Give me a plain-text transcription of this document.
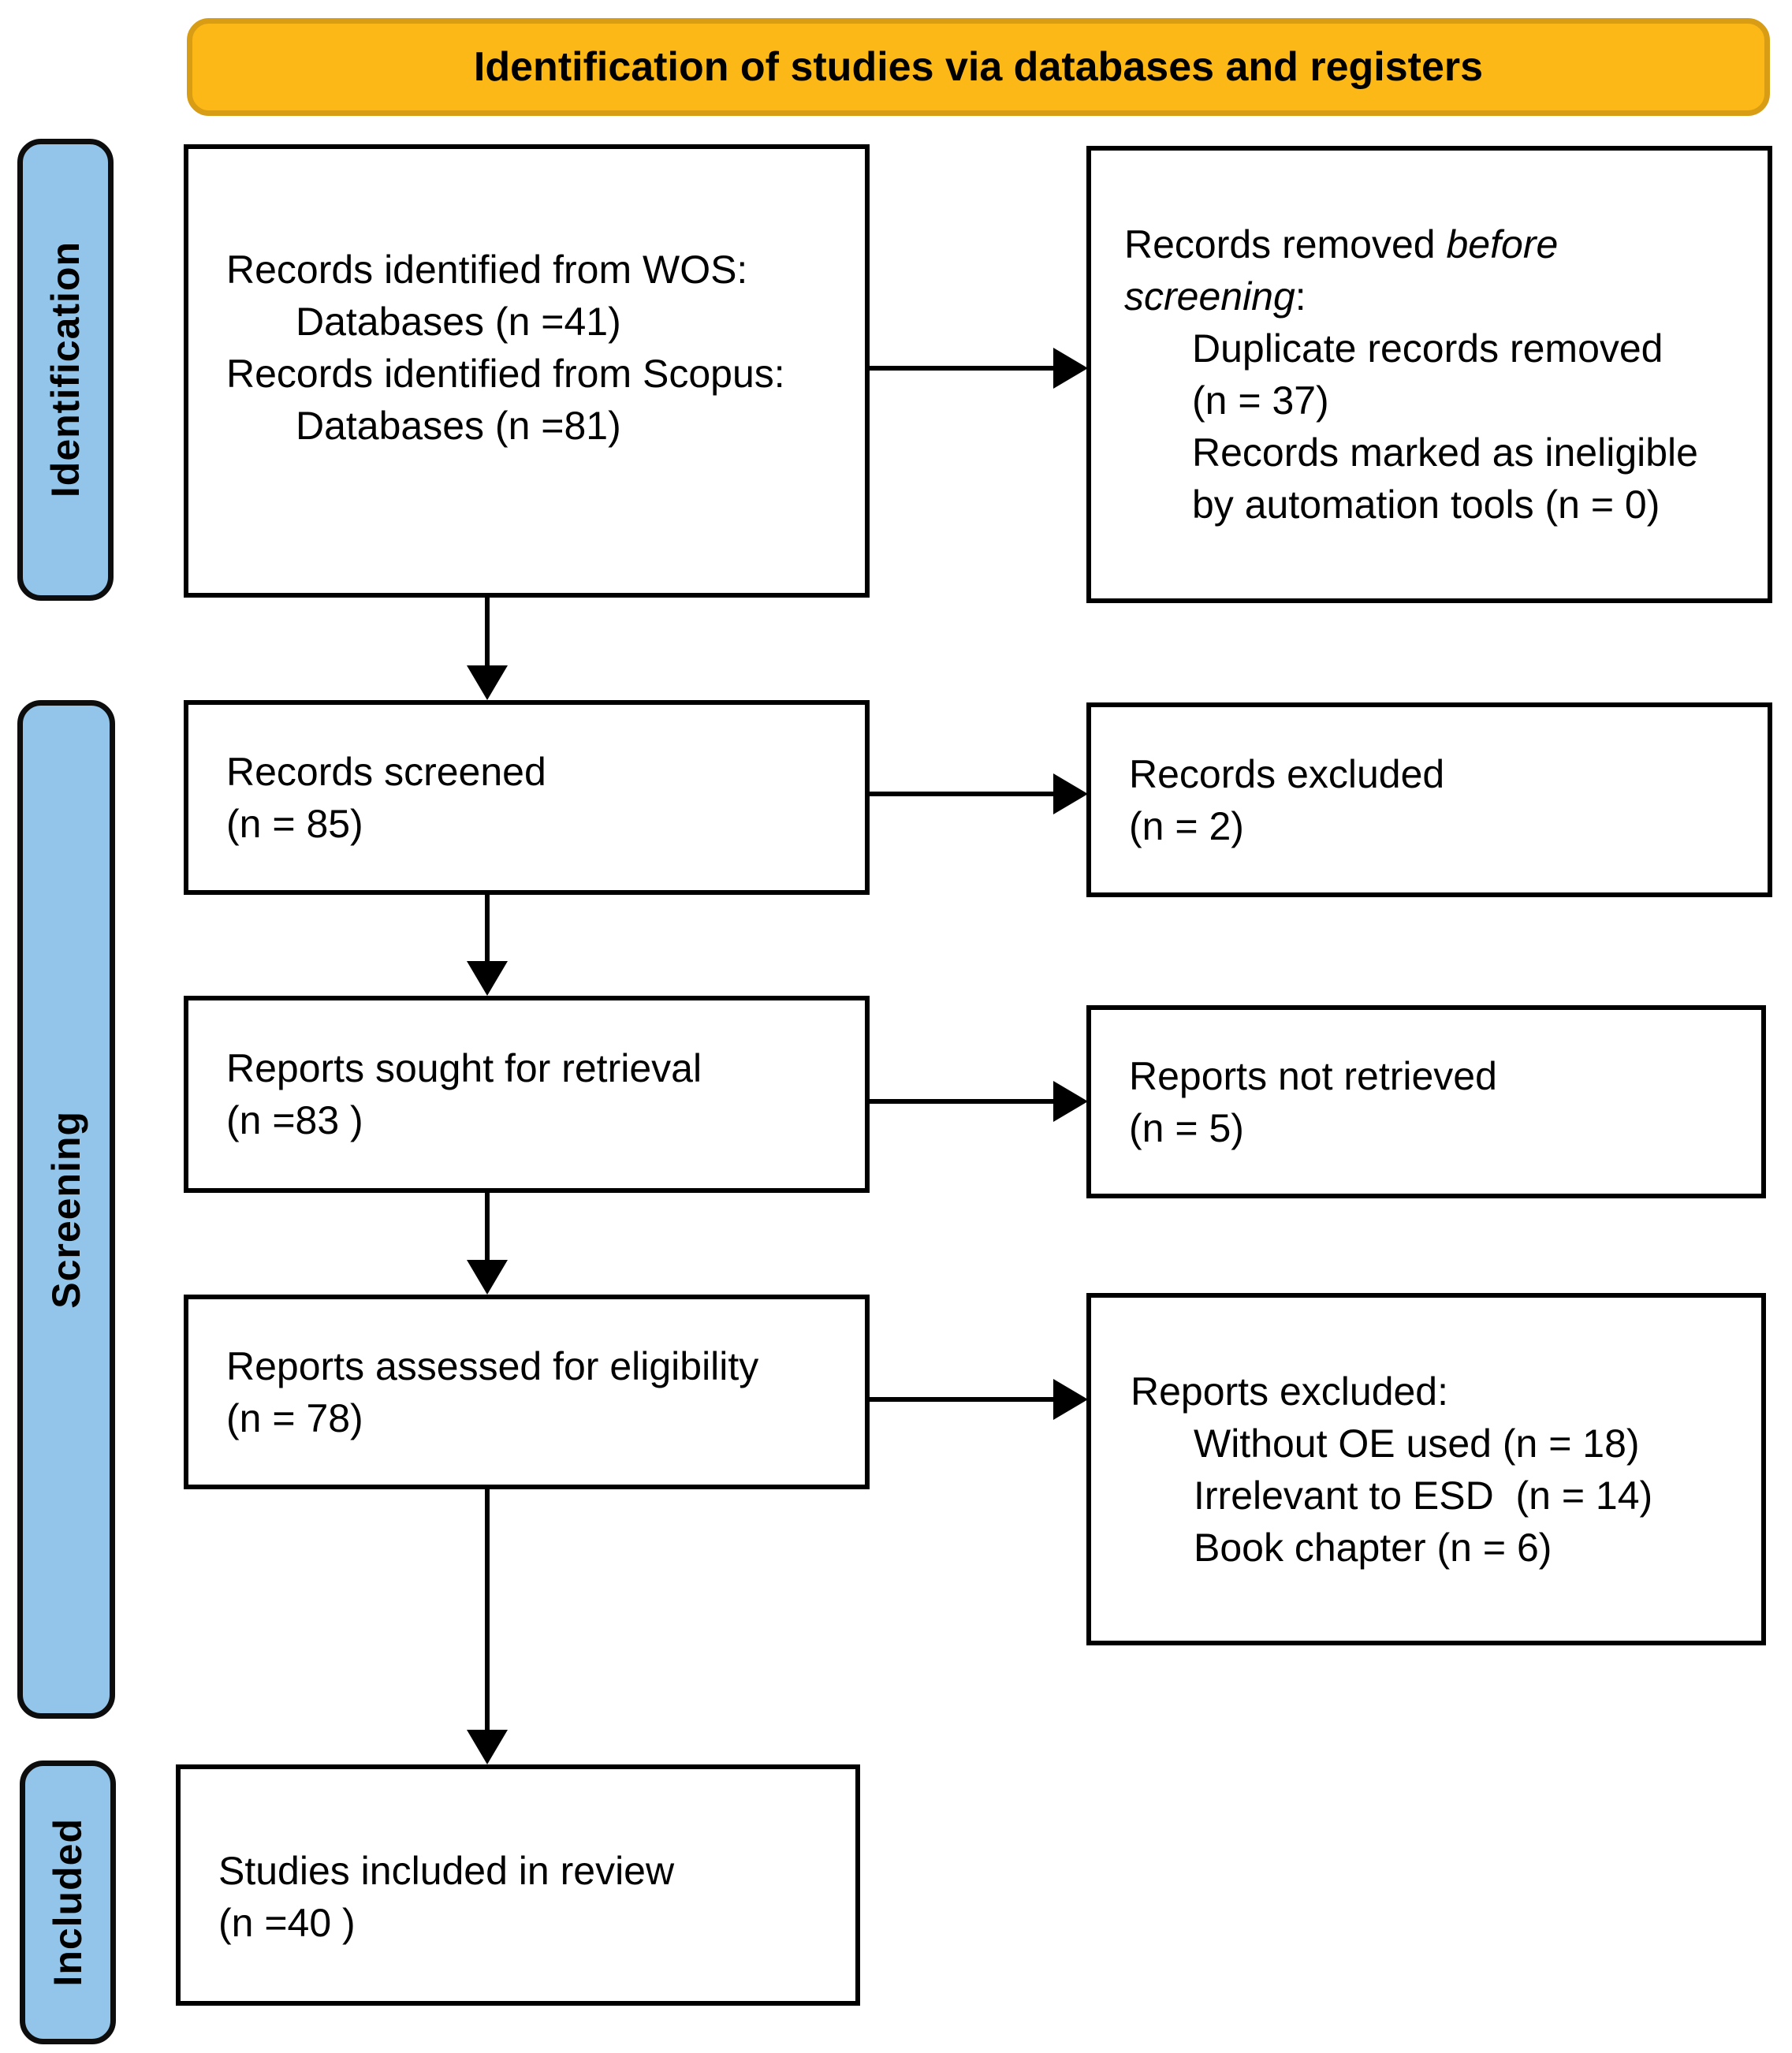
Identification of studies via databases and registers
Identification
Screening
Included
Records identified from WOS:
Databases (n =41)
Records identified from Scopus:
Databases (n =81)
Records removed before
screening:
Duplicate records removed
(n = 37)
Records marked as ineligible
by automation tools (n = 0)
Records screened
(n = 85)
Records excluded
(n = 2)
Reports sought for retrieval
(n =83 )
Reports not retrieved
(n = 5)
Reports assessed for eligibility
(n = 78)
Reports excluded:
Without OE used (n = 18)
Irrelevant to ESD  (n = 14)
Book chapter (n = 6)
Studies included in review
(n =40 )
